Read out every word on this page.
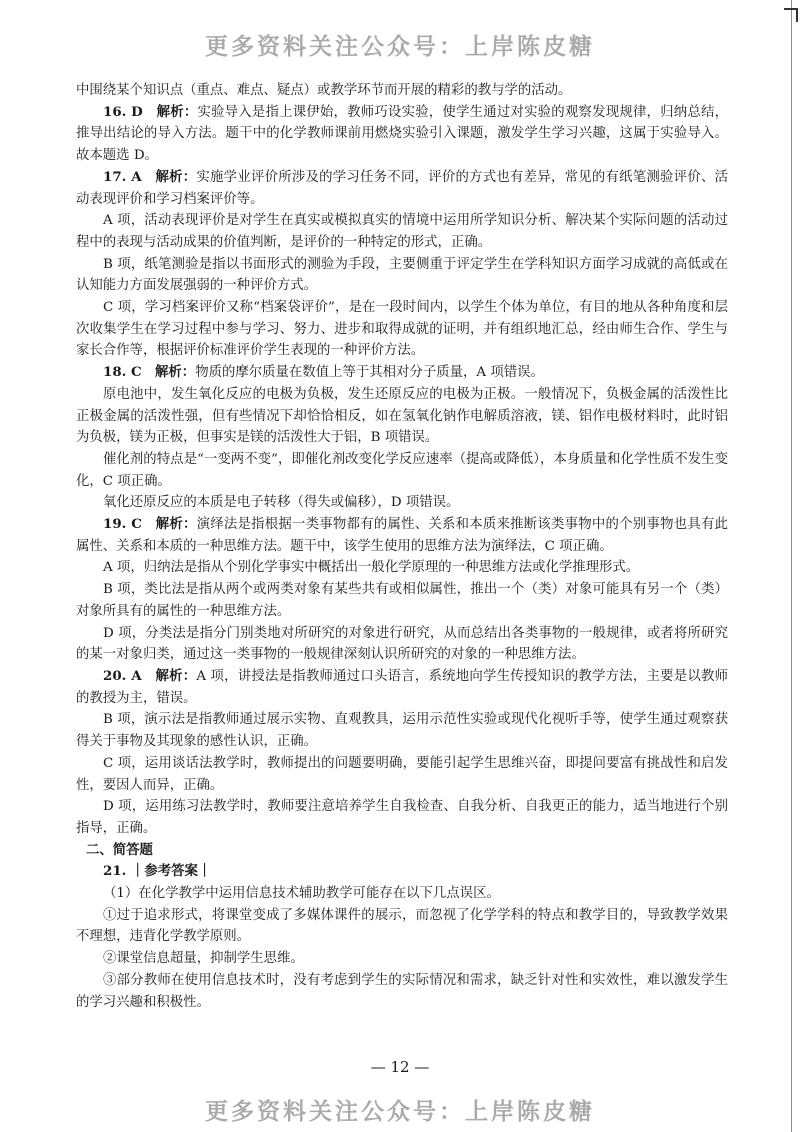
更多资料关注公众号：上岸陈皮糖

中围绕某个知识点（重点、难点、疑点）或教学环节而开展的精彩的教与学的活动。

16. D　解析：实验导入是指上课伊始，教师巧设实验，使学生通过对实验的观察发现规律，归纳总结，推导出结论的导入方法。题干中的化学教师课前用燃烧实验引入课题，激发学生学习兴趣，这属于实验导入。故本题选 D。

17. A　解析：实施学业评价所涉及的学习任务不同，评价的方式也有差异，常见的有纸笔测验评价、活动表现评价和学习档案评价等。

A 项，活动表现评价是对学生在真实或模拟真实的情境中运用所学知识分析、解决某个实际问题的活动过程中的表现与活动成果的价值判断，是评价的一种特定的形式，正确。

B 项，纸笔测验是指以书面形式的测验为手段，主要侧重于评定学生在学科知识方面学习成就的高低或在认知能力方面发展强弱的一种评价方式。

C 项，学习档案评价又称“档案袋评价”，是在一段时间内，以学生个体为单位，有目的地从各种角度和层次收集学生在学习过程中参与学习、努力、进步和取得成就的证明，并有组织地汇总，经由师生合作、学生与家长合作等，根据评价标准评价学生表现的一种评价方法。

18. C　解析：物质的摩尔质量在数值上等于其相对分子质量，A 项错误。

原电池中，发生氧化反应的电极为负极，发生还原反应的电极为正极。一般情况下，负极金属的活泼性比正极金属的活泼性强，但有些情况下却恰恰相反，如在氢氧化钠作电解质溶液，镁、铝作电极材料时，此时铝为负极，镁为正极，但事实是镁的活泼性大于铝，B 项错误。

催化剂的特点是“一变两不变”，即催化剂改变化学反应速率（提高或降低），本身质量和化学性质不发生变化，C 项正确。

氧化还原反应的本质是电子转移（得失或偏移），D 项错误。

19. C　解析：演绎法是指根据一类事物都有的属性、关系和本质来推断该类事物中的个别事物也具有此属性、关系和本质的一种思维方法。题干中，该学生使用的思维方法为演绎法，C 项正确。

A 项，归纳法是指从个别化学事实中概括出一般化学原理的一种思维方法或化学推理形式。

B 项，类比法是指从两个或两类对象有某些共有或相似属性，推出一个（类）对象可能具有另一个（类）对象所具有的属性的一种思维方法。

D 项，分类法是指分门别类地对所研究的对象进行研究，从而总结出各类事物的一般规律，或者将所研究的某一对象归类，通过这一类事物的一般规律深刻认识所研究的对象的一种思维方法。

20. A　解析：A 项，讲授法是指教师通过口头语言，系统地向学生传授知识的教学方法，主要是以教师的教授为主，错误。

B 项，演示法是指教师通过展示实物、直观教具，运用示范性实验或现代化视听手等，使学生通过观察获得关于事物及其现象的感性认识，正确。

C 项，运用谈话法教学时，教师提出的问题要明确，要能引起学生思维兴奋，即提问要富有挑战性和启发性，要因人而异，正确。

D 项，运用练习法教学时，教师要注意培养学生自我检查、自我分析、自我更正的能力，适当地进行个别指导，正确。

二、简答题

21. ｜参考答案｜

（1）在化学教学中运用信息技术辅助教学可能存在以下几点误区。

①过于追求形式，将课堂变成了多媒体课件的展示，而忽视了化学学科的特点和教学目的，导致教学效果不理想，违背化学教学原则。

②课堂信息超量，抑制学生思维。

③部分教师在使用信息技术时，没有考虑到学生的实际情况和需求，缺乏针对性和实效性，难以激发学生的学习兴趣和积极性。

— 12 —
更多资料关注公众号：上岸陈皮糖
